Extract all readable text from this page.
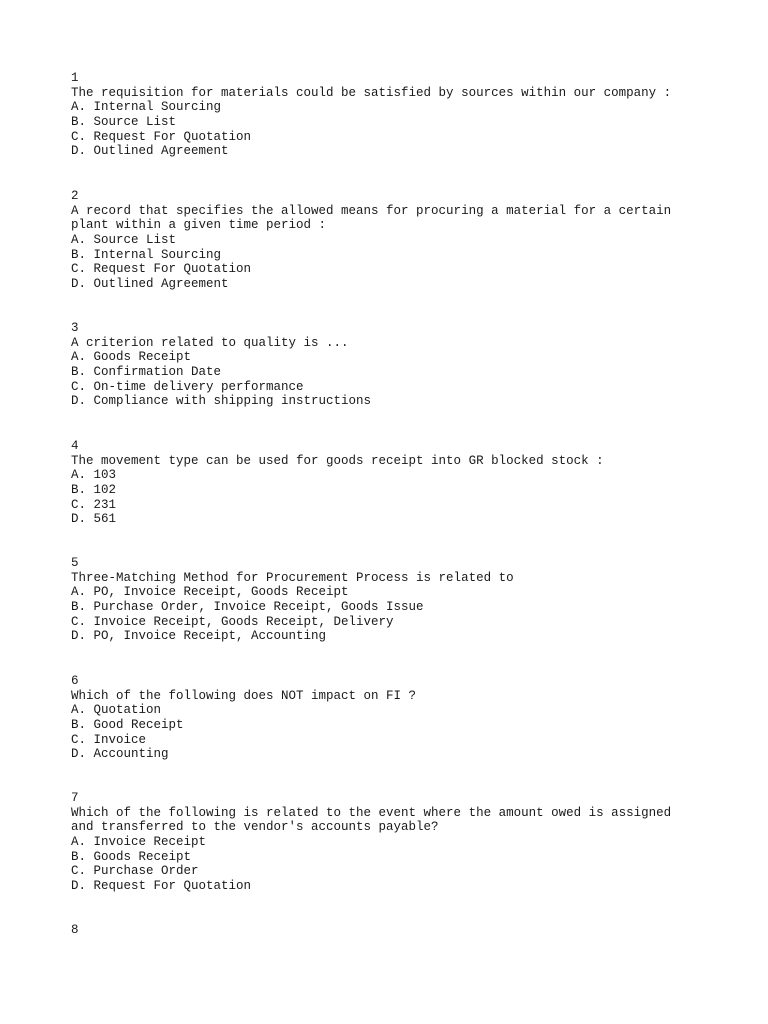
1
The requisition for materials could be satisfied by sources within our company :
A. Internal Sourcing
B. Source List
C. Request For Quotation
D. Outlined Agreement
2
A record that specifies the allowed means for procuring a material for a certain
plant within a given time period :
A. Source List
B. Internal Sourcing
C. Request For Quotation
D. Outlined Agreement
3
A criterion related to quality is ...
A. Goods Receipt
B. Confirmation Date
C. On-time delivery performance
D. Compliance with shipping instructions
4
The movement type can be used for goods receipt into GR blocked stock :
A. 103
B. 102
C. 231
D. 561
5
Three-Matching Method for Procurement Process is related to
A. PO, Invoice Receipt, Goods Receipt
B. Purchase Order, Invoice Receipt, Goods Issue
C. Invoice Receipt, Goods Receipt, Delivery
D. PO, Invoice Receipt, Accounting
6
Which of the following does NOT impact on FI ?
A. Quotation
B. Good Receipt
C. Invoice
D. Accounting
7
Which of the following is related to the event where the amount owed is assigned
and transferred to the vendor's accounts payable?
A. Invoice Receipt
B. Goods Receipt
C. Purchase Order
D. Request For Quotation
8
